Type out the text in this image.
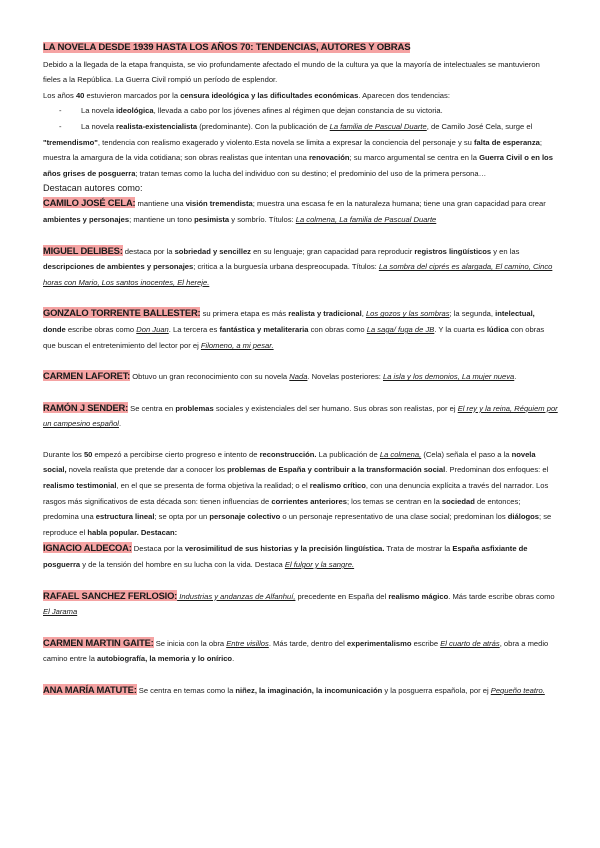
LA NOVELA DESDE 1939 HASTA LOS AÑOS 70: TENDENCIAS, AUTORES Y OBRAS

Debido a la llegada de la etapa franquista, se vio profundamente afectado el mundo de la cultura ya que la mayoría de intelectuales se mantuvieron fieles a la República. La Guerra Civil rompió un período de esplendor.

Los años 40 estuvieron marcados por la censura ideológica y las dificultades económicas. Aparecen dos tendencias:

- La novela ideológica, llevada a cabo por los jóvenes afines al régimen que dejan constancia de su victoria.

- La novela realista-existencialista (predominante). Con la publicación de La familia de Pascual Duarte, de Camilo José Cela, surge el "tremendismo", tendencia con realismo exagerado y violento.Esta novela se limita a expresar la conciencia del personaje y su falta de esperanza; muestra la amargura de la vida cotidiana; son obras realistas que intentan una renovación; su marco argumental se centra en la Guerra Civil o en los años grises de posguerra; tratan temas como la lucha del individuo con su destino; el predominio del uso de la primera persona…

Destacan autores como:

CAMILO JOSÉ CELA: mantiene una visión tremendista; muestra una escasa fe en la naturaleza humana; tiene una gran capacidad para crear ambientes y personajes; mantiene un tono pesimista y sombrío. Títulos: La colmena, La familia de Pascual Duarte

MIGUEL DELIBES: destaca por la sobriedad y sencillez en su lenguaje; gran capacidad para reproducir registros lingüísticos y en las descripciones de ambientes y personajes; critica a la burguesía urbana despreocupada. Títulos: La sombra del ciprés es alargada, El camino, Cinco horas con Mario, Los santos inocentes, El hereje.

GONZALO TORRENTE BALLESTER: su primera etapa es más realista y tradicional, Los gozos y las sombras; la segunda, intelectual, donde escribe obras como Don Juan. La tercera es fantástica y metaliteraria con obras como La saga/ fuga de JB. Y la cuarta es lúdica con obras que buscan el entretenimiento del lector por ej Filomeno, a mi pesar.

CARMEN LAFORET: Obtuvo un gran reconocimiento con su novela Nada. Novelas posteriores: La isla y los demonios, La mujer nueva.

RAMÓN J SENDER: Se centra en problemas sociales y existenciales del ser humano. Sus obras son realistas, por ej El rey y la reina, Réquiem por un campesino español.

Durante los 50 empezó a percibirse cierto progreso e intento de reconstrucción. La publicación de La colmena, (Cela) señala el paso a la novela social, novela realista que pretende dar a conocer los problemas de España y contribuir a la transformación social. Predominan dos enfoques: el realismo testimonial, en el que se presenta de forma objetiva la realidad; o el realismo crítico, con una denuncia explícita a través del narrador. Los rasgos más significativos de esta década son: tienen influencias de corrientes anteriores; los temas se centran en la sociedad de entonces; predomina una estructura lineal; se opta por un personaje colectivo o un personaje representativo de una clase social; predominan los diálogos; se reproduce el habla popular. Destacan:

IGNACIO ALDECOA: Destaca por la verosimilitud de sus historias y la precisión lingüística. Trata de mostrar la España asfixiante de posguerra y de la tensión del hombre en su lucha con la vida. Destaca El fulgor y la sangre.

RAFAEL SANCHEZ FERLOSIO: Industrias y andanzas de Alfanhuí, precedente en España del realismo mágico. Más tarde escribe obras como El Jarama

CARMEN MARTIN GAITE: Se inicia con la obra Entre visillos. Más tarde, dentro del experimentalismo escribe El cuarto de atrás, obra a medio camino entre la autobiografía, la memoria y lo onírico.

ANA MARÍA MATUTE: Se centra en temas como la niñez, la imaginación, la incomunicación y la posguerra española, por ej Pequeño teatro.
